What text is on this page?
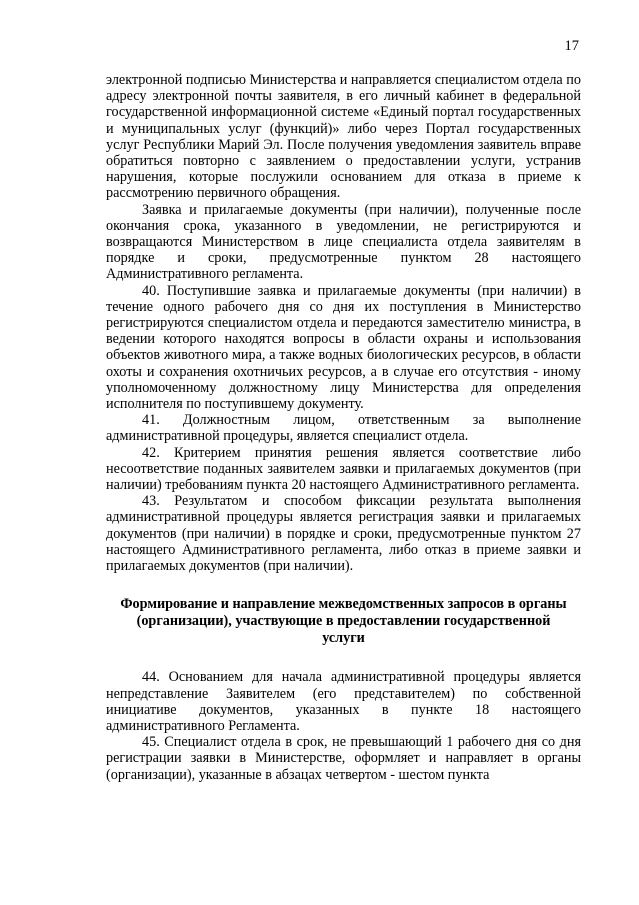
17

электронной подписью Министерства и направляется специалистом отдела по адресу электронной почты заявителя, в его личный кабинет в федеральной государственной информационной системе «Единый портал государственных и муниципальных услуг (функций)» либо через Портал государственных услуг Республики Марий Эл. После получения уведомления заявитель вправе обратиться повторно с заявлением о предоставлении услуги, устранив нарушения, которые послужили основанием для отказа в приеме к рассмотрению первичного обращения.

Заявка и прилагаемые документы (при наличии), полученные после окончания срока, указанного в уведомлении, не регистрируются и возвращаются Министерством в лице специалиста отдела заявителям в порядке и сроки, предусмотренные пунктом 28 настоящего Административного регламента.

40. Поступившие заявка и прилагаемые документы (при наличии) в течение одного рабочего дня со дня их поступления в Министерство регистрируются специалистом отдела и передаются заместителю министра, в ведении которого находятся вопросы в области охраны и использования объектов животного мира, а также водных биологических ресурсов, в области охоты и сохранения охотничьих ресурсов, а в случае его отсутствия - иному уполномоченному должностному лицу Министерства для определения исполнителя по поступившему документу.

41. Должностным лицом, ответственным за выполнение административной процедуры, является специалист отдела.

42. Критерием принятия решения является соответствие либо несоответствие поданных заявителем заявки и прилагаемых документов (при наличии) требованиям пункта 20 настоящего Административного регламента.

43. Результатом и способом фиксации результата выполнения административной процедуры является регистрация заявки и прилагаемых документов (при наличии) в порядке и сроки, предусмотренные пунктом 27 настоящего Административного регламента, либо отказ в приеме заявки и прилагаемых документов (при наличии).

Формирование и направление межведомственных запросов в органы (организации), участвующие в предоставлении государственной услуги

44. Основанием для начала административной процедуры является непредставление Заявителем (его представителем) по собственной инициативе документов, указанных в пункте 18 настоящего административного Регламента.

45. Специалист отдела в срок, не превышающий 1 рабочего дня со дня регистрации заявки в Министерстве, оформляет и направляет в органы (организации), указанные в абзацах четвертом - шестом пункта
